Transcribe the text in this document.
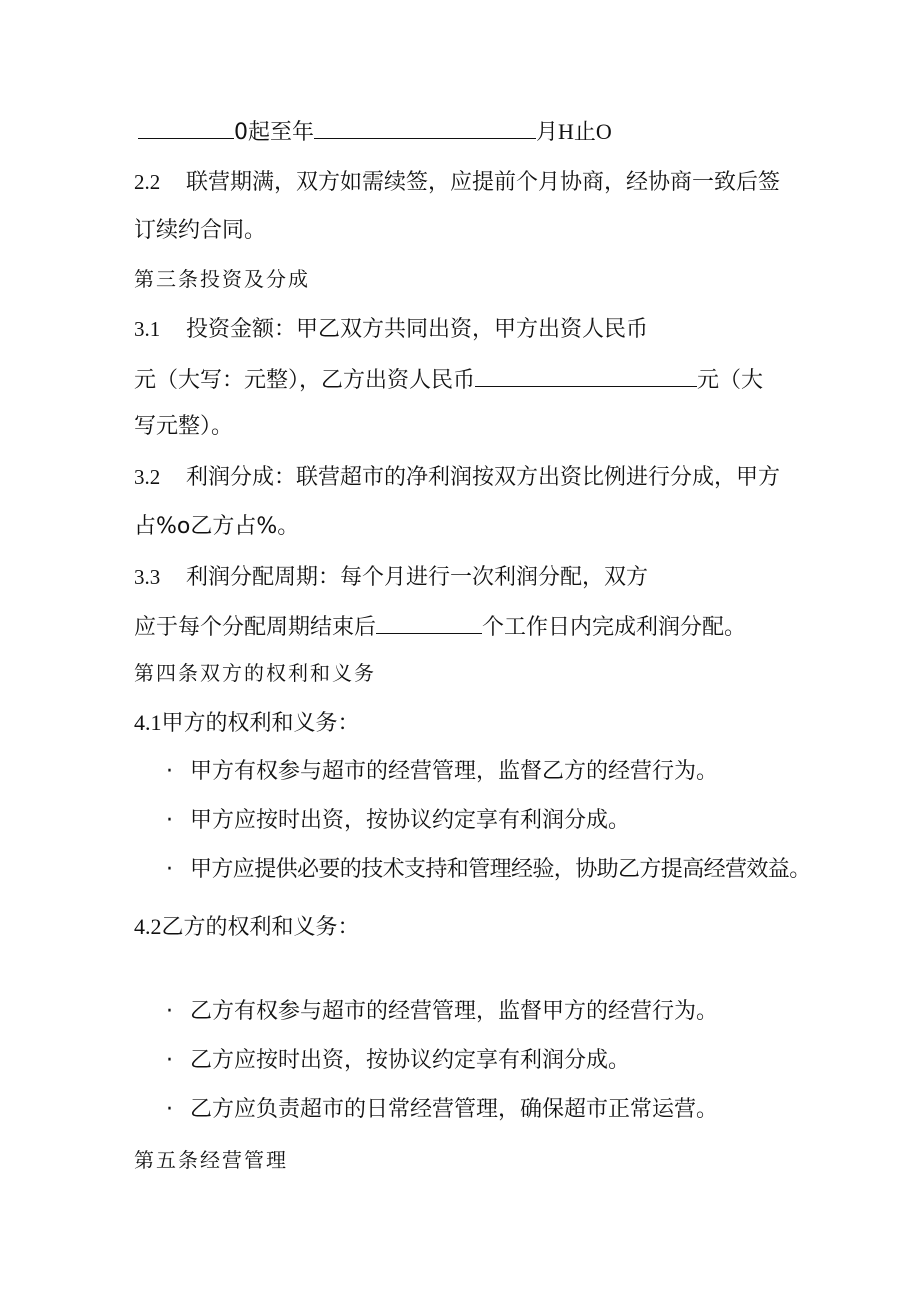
0起至年	月H止O
2.2 联营期满，双方如需续签，应提前个月协商，经协商一致后签
订续约合同。
第三条投资及分成
3.1 投资金额：甲乙双方共同出资，甲方出资人民币
元（大写：元整），乙方出资人民币	元（大
写元整）。
3.2 利润分成：联营超市的净利润按双方出资比例进行分成，甲方
占%o乙方占%。
3.3 利润分配周期：每个月进行一次利润分配，双方
应于每个分配周期结束后	个工作日内完成利润分配。
第四条双方的权利和义务
4.1甲方的权利和义务：
· 甲方有权参与超市的经营管理，监督乙方的经营行为。
· 甲方应按时出资，按协议约定享有利润分成。
· 甲方应提供必要的技术支持和管理经验，协助乙方提高经营效益。
4.2乙方的权利和义务：
· 乙方有权参与超市的经营管理，监督甲方的经营行为。
· 乙方应按时出资，按协议约定享有利润分成。
· 乙方应负责超市的日常经营管理，确保超市正常运营。
第五条经营管理
